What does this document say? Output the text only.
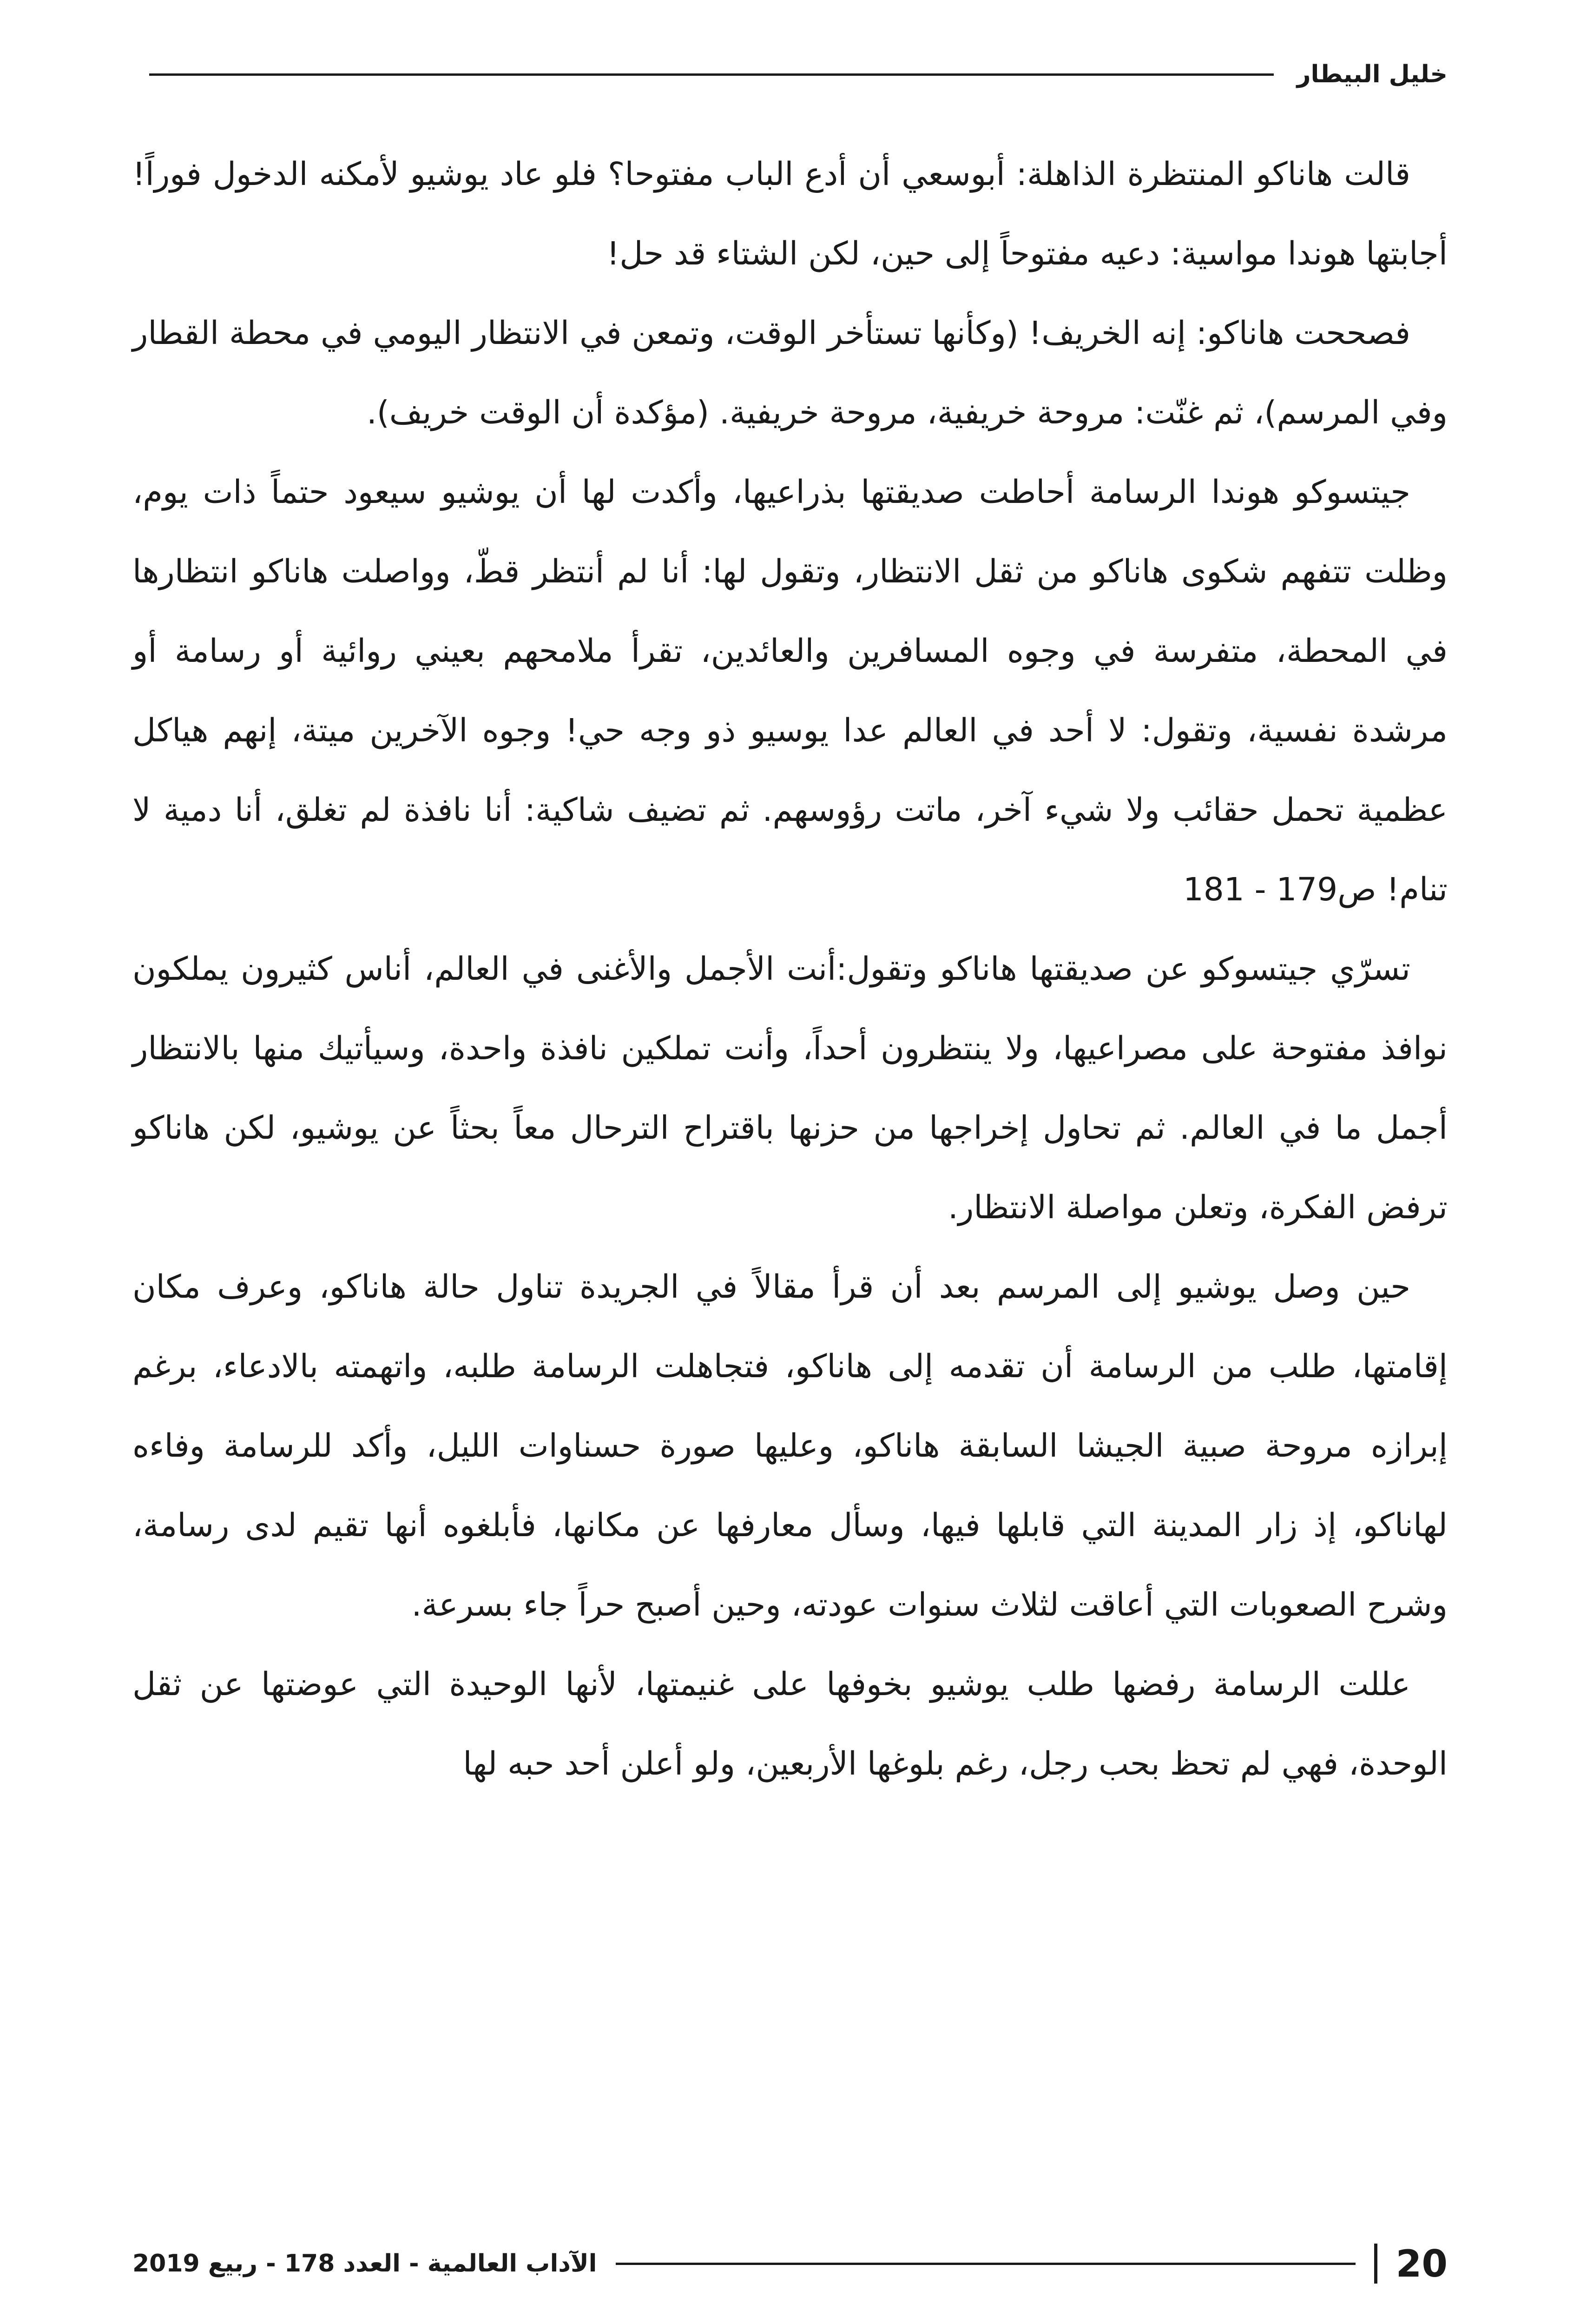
خليل البيطار

قالت هاناكو المنتظرة الذاهلة: أبوسعي أن أدع الباب مفتوحا؟ فلو عاد يوشيو لأمكنه الدخول فوراً! أجابتها هوندا مواسية: دعيه مفتوحاً إلى حين، لكن الشتاء قد حل!

فصححت هاناكو: إنه الخريف! (وكأنها تستأخر الوقت، وتمعن في الانتظار اليومي في محطة القطار وفي المرسم)، ثم غنّت: مروحة خريفية، مروحة خريفية. (مؤكدة أن الوقت خريف).

جيتسوكو هوندا الرسامة أحاطت صديقتها بذراعيها، وأكدت لها أن يوشيو سيعود حتماً ذات يوم، وظلت تتفهم شكوى هاناكو من ثقل الانتظار، وتقول لها: أنا لم أنتظر قطّ، وواصلت هاناكو انتظارها في المحطة، متفرسة في وجوه المسافرين والعائدين، تقرأ ملامحهم بعيني روائية أو رسامة أو مرشدة نفسية، وتقول: لا أحد في العالم عدا يوسيو ذو وجه حي! وجوه الآخرين ميتة، إنهم هياكل عظمية تحمل حقائب ولا شيء آخر، ماتت رؤوسهم. ثم تضيف شاكية: أنا نافذة لم تغلق، أنا دمية لا تنام! ص179 - 181

تسرّي جيتسوكو عن صديقتها هاناكو وتقول:أنت الأجمل والأغنى في العالم، أناس كثيرون يملكون نوافذ مفتوحة على مصراعيها، ولا ينتظرون أحداً، وأنت تملكين نافذة واحدة، وسيأتيك منها بالانتظار أجمل ما في العالم. ثم تحاول إخراجها من حزنها باقتراح الترحال معاً بحثاً عن يوشيو، لكن هاناكو ترفض الفكرة، وتعلن مواصلة الانتظار.

حين وصل يوشيو إلى المرسم بعد أن قرأ مقالاً في الجريدة تناول حالة هاناكو، وعرف مكان إقامتها، طلب من الرسامة أن تقدمه إلى هاناكو، فتجاهلت الرسامة طلبه، واتهمته بالادعاء، برغم إبرازه مروحة صبية الجيشا السابقة هاناكو، وعليها صورة حسناوات الليل، وأكد للرسامة وفاءه لهاناكو، إذ زار المدينة التي قابلها فيها، وسأل معارفها عن مكانها، فأبلغوه أنها تقيم لدى رسامة، وشرح الصعوبات التي أعاقت لثلاث سنوات عودته، وحين أصبح حراً جاء بسرعة.

عللت الرسامة رفضها طلب يوشيو بخوفها على غنيمتها، لأنها الوحيدة التي عوضتها عن ثقل الوحدة، فهي لم تحظ بحب رجل، رغم بلوغها الأربعين، ولو أعلن أحد حبه لها

20
الآداب العالمية - العدد 178 - ربيع 2019
